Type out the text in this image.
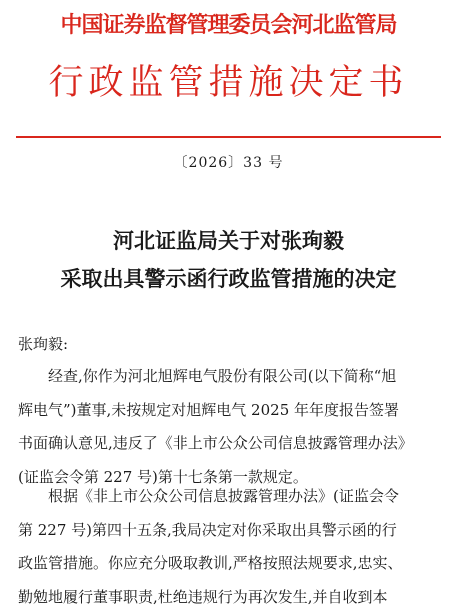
中国证券监督管理委员会河北监管局
行政监管措施决定书
〔2026〕33 号
河北证监局关于对张珣毅
采取出具警示函行政监管措施的决定
张珣毅:
经查,你作为河北旭辉电气股份有限公司(以下简称“旭
辉电气”)董事,未按规定对旭辉电气 2025 年年度报告签署
书面确认意见,违反了《非上市公众公司信息披露管理办法》
(证监会令第 227 号)第十七条第一款规定。
根据《非上市公众公司信息披露管理办法》(证监会令
第 227 号)第四十五条,我局决定对你采取出具警示函的行
政监管措施。你应充分吸取教训,严格按照法规要求,忠实、
勤勉地履行董事职责,杜绝违规行为再次发生,并自收到本
